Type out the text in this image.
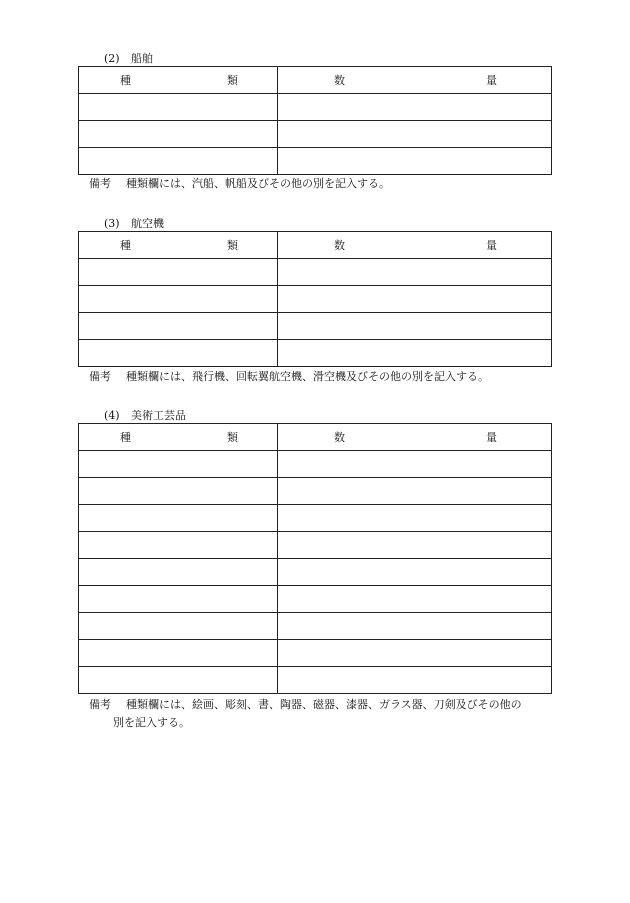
(2) 船舶
種 類	数 量

備考 種類欄には、汽船、帆船及びその他の別を記入する。
(3) 航空機
種 類	数 量

備考 種類欄には、飛行機、回転翼航空機、滑空機及びその他の別を記入する。
(4) 美術工芸品
種 類	数 量

備考 種類欄には、絵画、彫刻、書、陶器、磁器、漆器、ガラス器、刀剣及びその他の
別を記入する。
